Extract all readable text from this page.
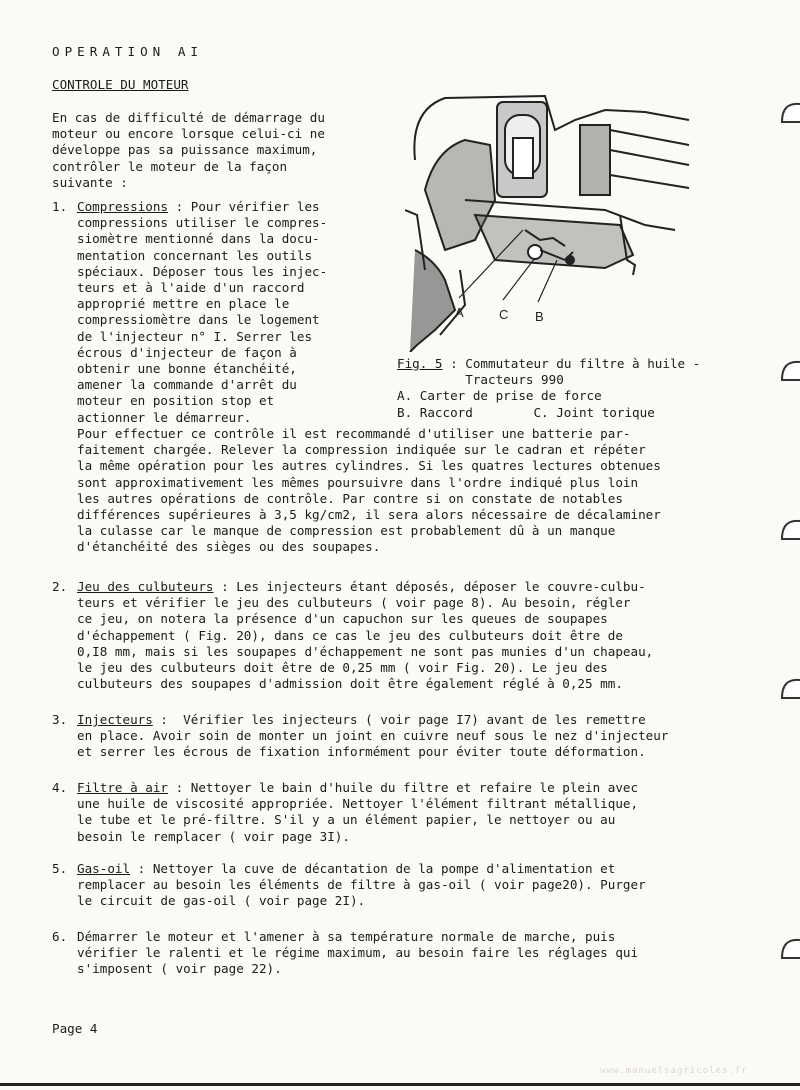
OPERATION AI
CONTROLE DU MOTEUR
En cas de difficulté de démarrage du
moteur ou encore lorsque celui-ci ne
développe pas sa puissance maximum,
contrôler le moteur de la façon
suivante :
1. Compressions : Pour vérifier les
compressions utiliser le compres-
siomètre mentionné dans la docu-
mentation concernant les outils
spéciaux. Déposer tous les injec-
teurs et à l'aide d'un raccord
approprié mettre en place le
compressiomètre dans le logement
de l'injecteur n° I. Serrer les
écrous d'injecteur de façon à
obtenir une bonne étanchéité,
amener la commande d'arrêt du
moteur en position stop et
actionner le démarreur.
Pour effectuer ce contrôle il est recommandé d'utiliser une batterie par-
faitement chargée. Relever la compression indiquée sur le cadran et répéter
la même opération pour les autres cylindres. Si les quatres lectures obtenues
sont approximativement les mêmes poursuivre dans l'ordre indiqué plus loin
les autres opérations de contrôle. Par contre si on constate de notables
différences supérieures à 3,5 kg/cm2, il sera alors nécessaire de décalaminer
la culasse car le manque de compression est probablement dû à un manque
d'étanchéité des sièges ou des soupapes.
A	C B
Fig. 5 : Commutateur du filtre à huile -
Tracteurs 990
A. Carter de prise de force
B. Raccord        C. Joint torique
2. Jeu des culbuteurs : Les injecteurs étant déposés, déposer le couvre-culbu-
teurs et vérifier le jeu des culbuteurs ( voir page 8). Au besoin, régler
ce jeu, on notera la présence d'un capuchon sur les queues de soupapes
d'échappement ( Fig. 20), dans ce cas le jeu des culbuteurs doit être de
0,I8 mm, mais si les soupapes d'échappement ne sont pas munies d'un chapeau,
le jeu des culbuteurs doit être de 0,25 mm ( voir Fig. 20). Le jeu des
culbuteurs des soupapes d'admission doit être également réglé à 0,25 mm.
3. Injecteurs :  Vérifier les injecteurs ( voir page I7) avant de les remettre
en place. Avoir soin de monter un joint en cuivre neuf sous le nez d'injecteur
et serrer les écrous de fixation informément pour éviter toute déformation.
4. Filtre à air : Nettoyer le bain d'huile du filtre et refaire le plein avec
une huile de viscosité appropriée. Nettoyer l'élément filtrant métallique,
le tube et le pré-filtre. S'il y a un élément papier, le nettoyer ou au
besoin le remplacer ( voir page 3I).
5. Gas-oil : Nettoyer la cuve de décantation de la pompe d'alimentation et
remplacer au besoin les éléments de filtre à gas-oil ( voir page20). Purger
le circuit de gas-oil ( voir page 2I).
6. Démarrer le moteur et l'amener à sa température normale de marche, puis
vérifier le ralenti et le régime maximum, au besoin faire les réglages qui
s'imposent ( voir page 22).
Page 4
www.manuelsagricoles.fr
